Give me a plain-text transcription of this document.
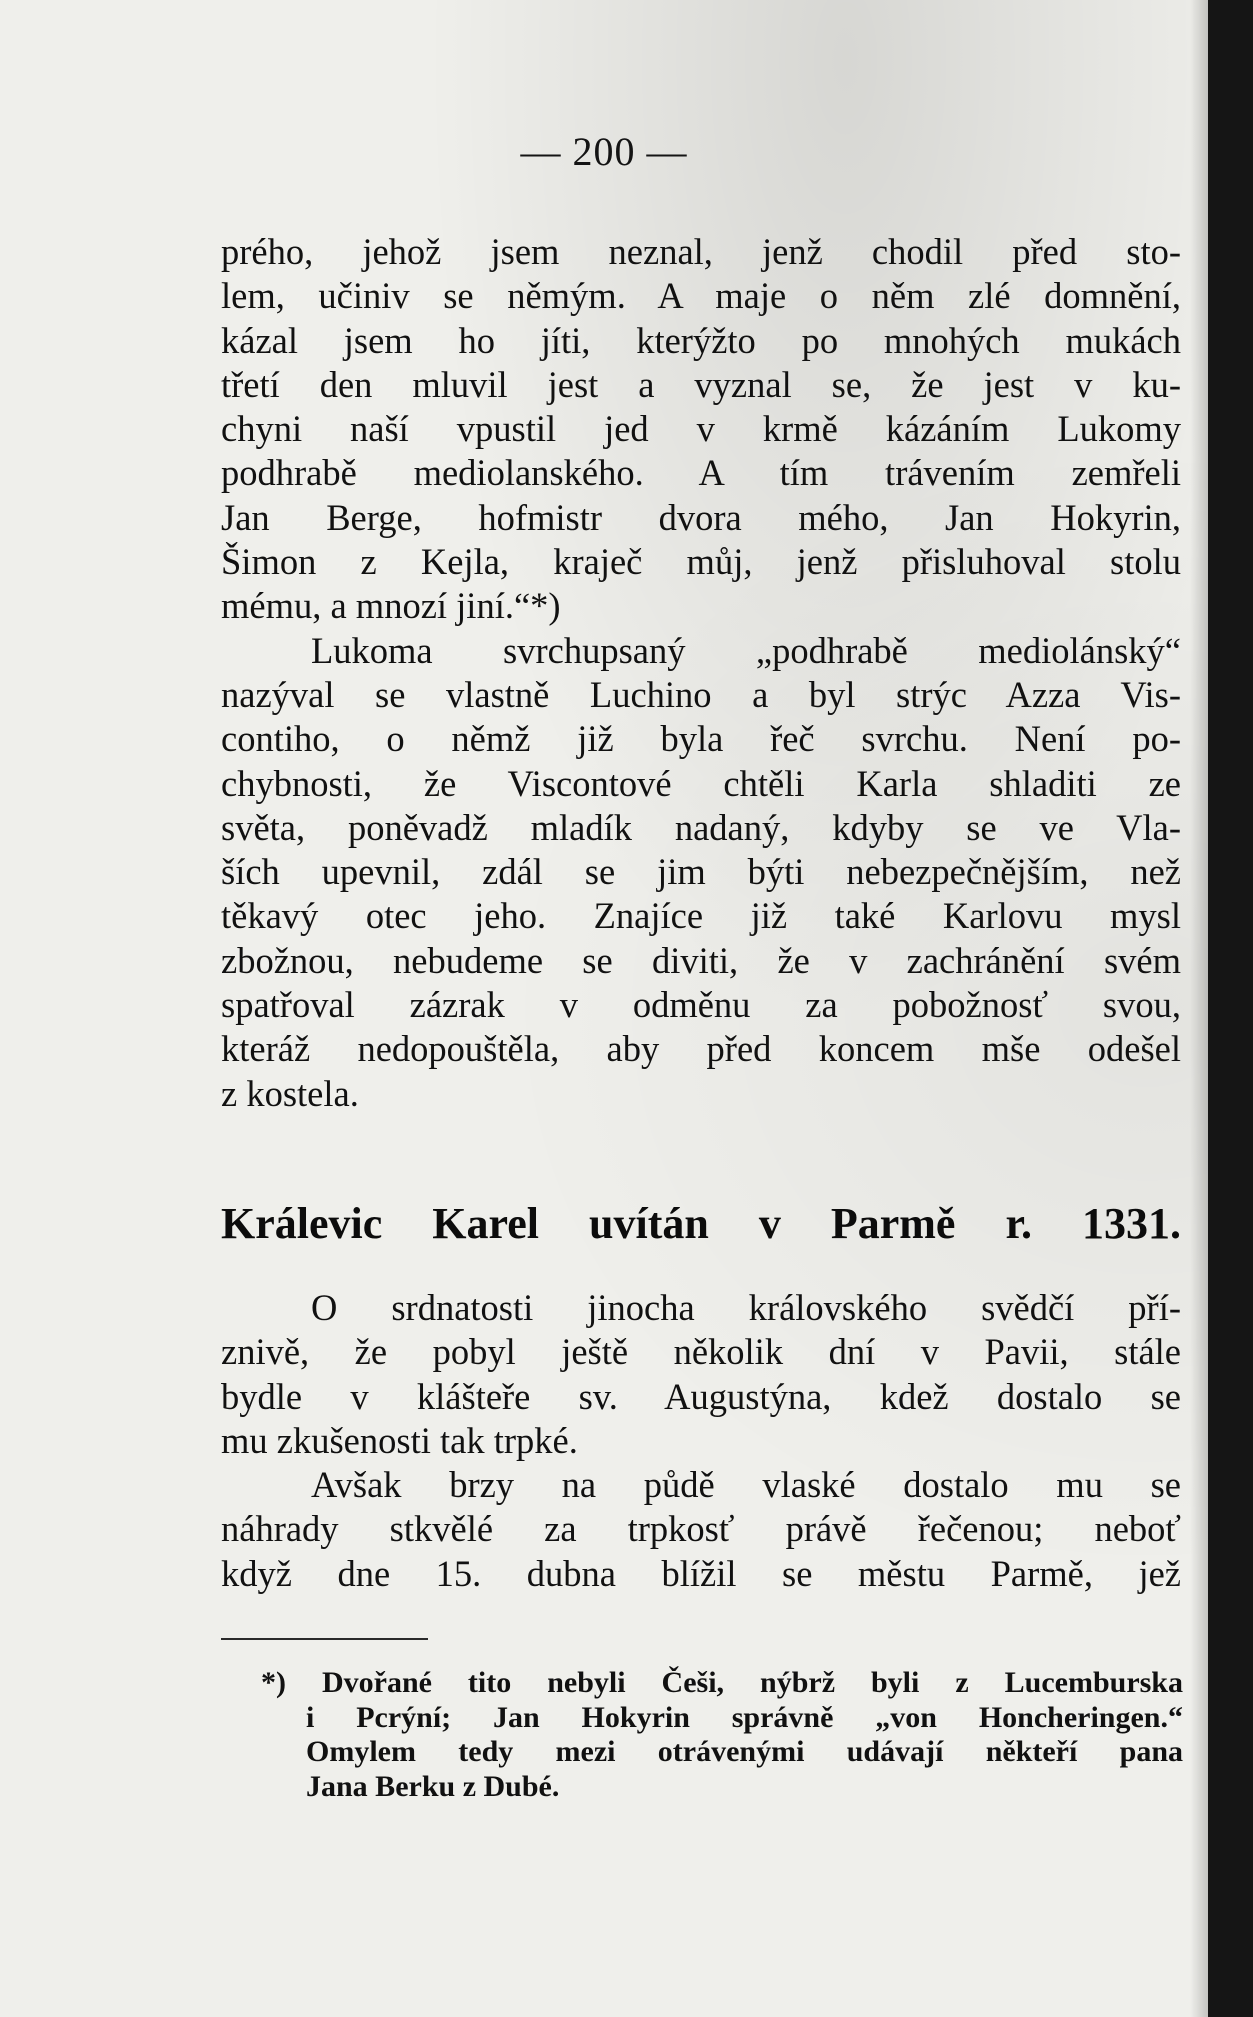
— 200 —
prého, jehož jsem neznal, jenž chodil před sto-
lem, učiniv se němým. A maje o něm zlé domnění,
kázal jsem ho jíti, kterýžto po mnohých mukách
třetí den mluvil jest a vyznal se, že jest v ku-
chyni naší vpustil jed v krmě kázáním Lukomy
podhrabě mediolanského. A tím trávením zemřeli
Jan Berge, hofmistr dvora mého, Jan Hokyrin,
Šimon z Kejla, kraječ můj, jenž přisluhoval stolu
mému, a mnozí jiní.“*)
Lukoma svrchupsaný „podhrabě mediolánský“
nazýval se vlastně Luchino a byl strýc Azza Vis-
contiho, o němž již byla řeč svrchu. Není po-
chybnosti, že Viscontové chtěli Karla shladiti ze
světa, poněvadž mladík nadaný, kdyby se ve Vla-
ších upevnil, zdál se jim býti nebezpečnějším, než
těkavý otec jeho. Znajíce již také Karlovu mysl
zbožnou, nebudeme se diviti, že v zachránění svém
spatřoval zázrak v odměnu za pobožnosť svou,
kteráž nedopouštěla, aby před koncem mše odešel
z kostela.
Králevic Karel uvítán v Parmě r. 1331.
O srdnatosti jinocha královského svědčí pří-
znivě, že pobyl ještě několik dní v Pavii, stále
bydle v klášteře sv. Augustýna, kdež dostalo se
mu zkušenosti tak trpké.
Avšak brzy na půdě vlaské dostalo mu se
náhrady stkvělé za trpkosť právě řečenou; neboť
když dne 15. dubna blížil se městu Parmě, jež
*) Dvořané tito nebyli Češi, nýbrž byli z Lucemburska
i Pcrýní; Jan Hokyrin správně „von Honcheringen.“
Omylem tedy mezi otrávenými udávají někteří pana
Jana Berku z Dubé.
